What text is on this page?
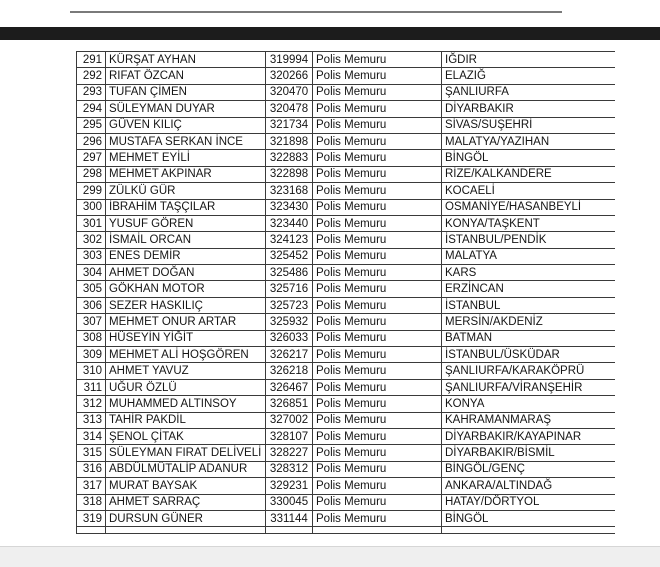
291	KÜRŞAT AYHAN	319994	Polis Memuru	IĞDIR
292	RIFAT ÖZCAN	320266	Polis Memuru	ELAZIĞ
293	TUFAN ÇİMEN	320470	Polis Memuru	ŞANLIURFA
294	SÜLEYMAN DUYAR	320478	Polis Memuru	DİYARBAKIR
295	GÜVEN KILIÇ	321734	Polis Memuru	SİVAS/SUŞEHRİ
296	MUSTAFA SERKAN İNCE	321898	Polis Memuru	MALATYA/YAZIHAN
297	MEHMET EYİLİ	322883	Polis Memuru	BİNGÖL
298	MEHMET AKPINAR	322898	Polis Memuru	RİZE/KALKANDERE
299	ZÜLKÜ GÜR	323168	Polis Memuru	KOCAELİ
300	İBRAHİM TAŞÇILAR	323430	Polis Memuru	OSMANİYE/HASANBEYLİ
301	YUSUF GÖREN	323440	Polis Memuru	KONYA/TAŞKENT
302	İSMAİL ORCAN	324123	Polis Memuru	İSTANBUL/PENDİK
303	ENES DEMİR	325452	Polis Memuru	MALATYA
304	AHMET DOĞAN	325486	Polis Memuru	KARS
305	GÖKHAN MOTOR	325716	Polis Memuru	ERZİNCAN
306	SEZER HASKILIÇ	325723	Polis Memuru	İSTANBUL
307	MEHMET ONUR ARTAR	325932	Polis Memuru	MERSİN/AKDENİZ
308	HÜSEYİN YİĞİT	326033	Polis Memuru	BATMAN
309	MEHMET ALİ HOŞGÖREN	326217	Polis Memuru	İSTANBUL/ÜSKÜDAR
310	AHMET YAVUZ	326218	Polis Memuru	ŞANLIURFA/KARAKÖPRÜ
311	UĞUR ÖZLÜ	326467	Polis Memuru	ŞANLIURFA/VİRANŞEHİR
312	MUHAMMED ALTINSOY	326851	Polis Memuru	KONYA
313	TAHİR PAKDİL	327002	Polis Memuru	KAHRAMANMARAŞ
314	ŞENOL ÇİTAK	328107	Polis Memuru	DİYARBAKIR/KAYAPINAR
315	SÜLEYMAN FIRAT DELİVELİ	328227	Polis Memuru	DİYARBAKIR/BİSMİL
316	ABDÜLMÜTALİP ADANUR	328312	Polis Memuru	BİNGÖL/GENÇ
317	MURAT BAYSAK	329231	Polis Memuru	ANKARA/ALTINDAĞ
318	AHMET SARRAÇ	330045	Polis Memuru	HATAY/DÖRTYOL
319	DURSUN GÜNER	331144	Polis Memuru	BİNGÖL
